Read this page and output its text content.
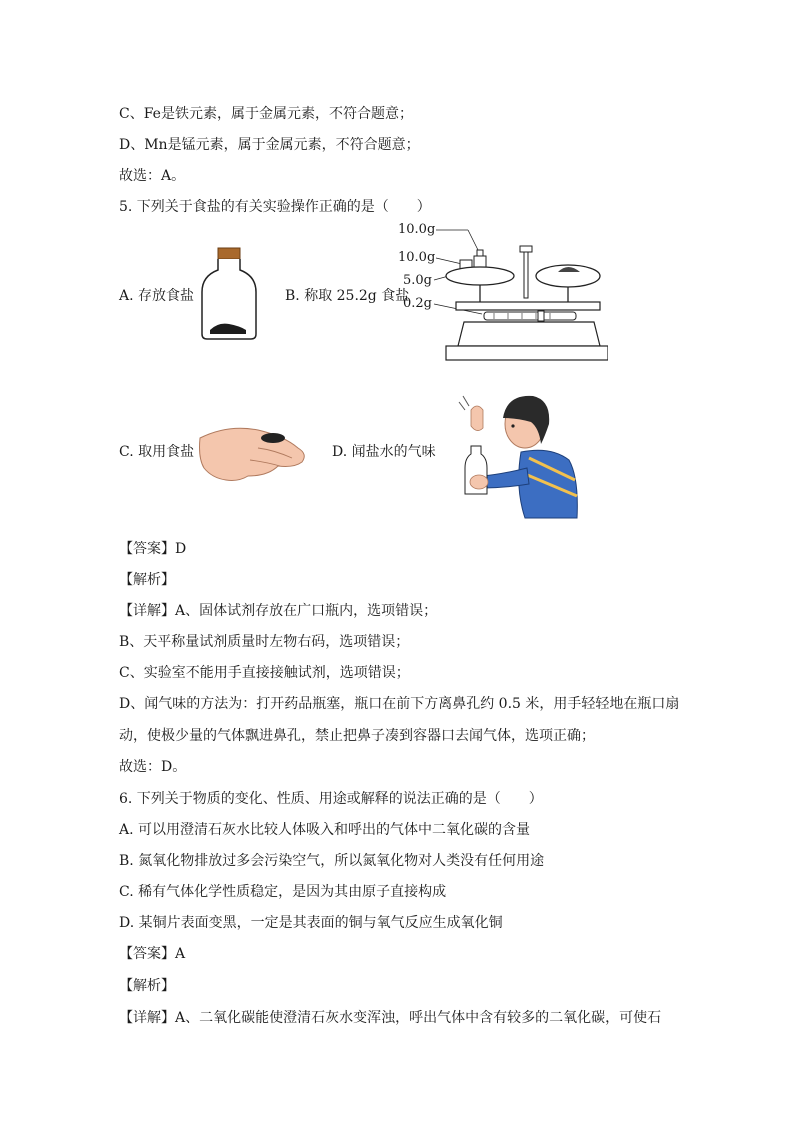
C、Fe是铁元素，属于金属元素，不符合题意；
D、Mn是锰元素，属于金属元素，不符合题意；
故选：A。
5. 下列关于食盐的有关实验操作正确的是（　　）
A. 存放食盐	B. 称取 25.2g 食盐
10.0g
10.0g
5.0g
0.2g
C. 取用食盐	D. 闻盐水的气味
【答案】D
【解析】
【详解】A、固体试剂存放在广口瓶内，选项错误；
B、天平称量试剂质量时左物右码，选项错误；
C、实验室不能用手直接接触试剂，选项错误；
D、闻气味的方法为：打开药品瓶塞，瓶口在前下方离鼻孔约 0.5 米，用手轻轻地在瓶口扇
动，使极少量的气体飘进鼻孔，禁止把鼻子凑到容器口去闻气体，选项正确；
故选：D。
6. 下列关于物质的变化、性质、用途或解释的说法正确的是（　　）
A. 可以用澄清石灰水比较人体吸入和呼出的气体中二氧化碳的含量
B. 氮氧化物排放过多会污染空气，所以氮氧化物对人类没有任何用途
C. 稀有气体化学性质稳定，是因为其由原子直接构成
D. 某铜片表面变黑，一定是其表面的铜与氧气反应生成氧化铜
【答案】A
【解析】
【详解】A、二氧化碳能使澄清石灰水变浑浊，呼出气体中含有较多的二氧化碳，可使石
